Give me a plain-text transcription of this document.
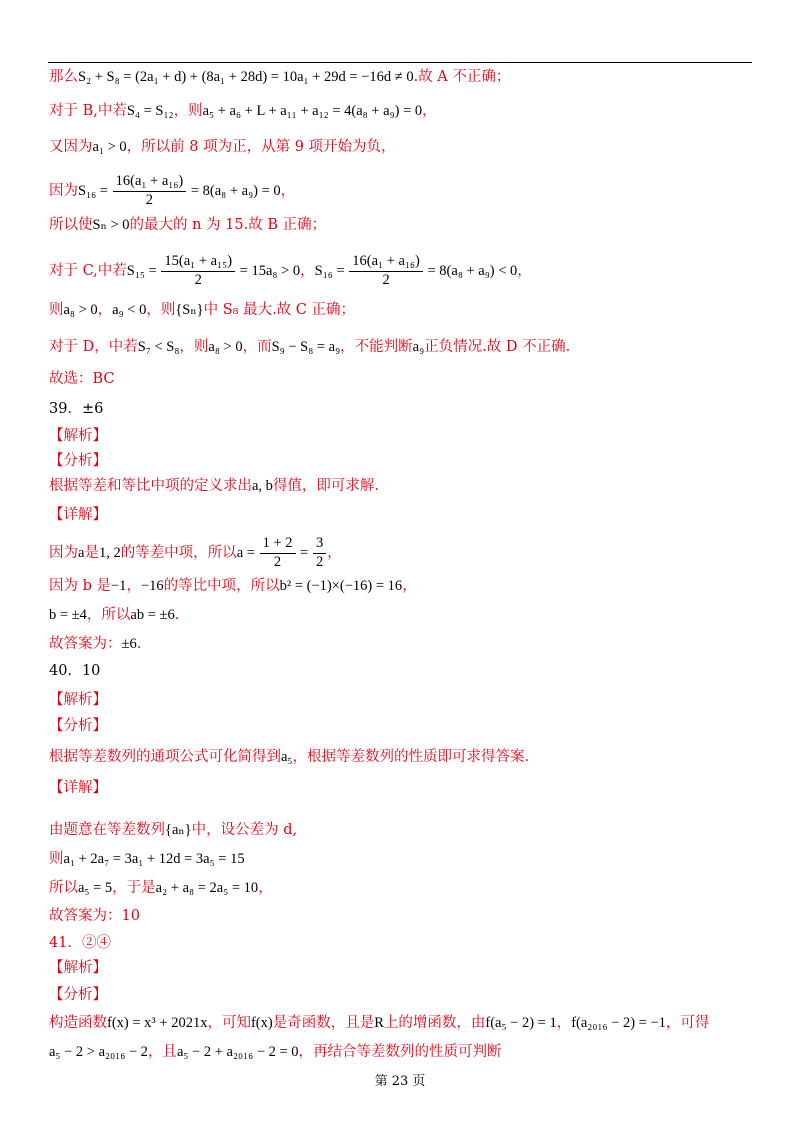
那么S₂ + S₈ = (2a₁ + d) + (8a₁ + 28d) = 10a₁ + 29d = −16d ≠ 0.故 A 不正确；
对于 B,中若S₄ = S₁₂，则a₅ + a₆ + L + a₁₁ + a₁₂ = 4(a₈ + a₉) = 0，
又因为a₁ > 0，所以前 8 项为正，从第 9 项开始为负，
因为$S_{16} = \frac{\text{16(a₁ + a₁₆)}}{2} = 8(a_8 + a_9) = 0$，
所以使Sₙ > 0的最大的 n 为 15.故 B 正确；
对于 C,中若$S_{15} = \frac{\text{15(a₁ + a₁₅)}}{2} = 15a_8 > 0$，$S_{16} = \frac{\text{16(a₁ + a₁₆)}}{2} = 8(a_8 + a_9) < 0$，
则a₈ > 0，a₉ < 0，则{Sₙ}中 S₈ 最大.故 C 正确；
对于 D，中若S₇ < S₈，则a₈ > 0，而S₉ − S₈ = a₉，不能判断a₉正负情况.故 D 不正确.
故选：BC
39．±6
【解析】
【分析】
根据等差和等比中项的定义求出a, b得值，即可求解.
【详解】
因为a是1, 2的等差中项，所以$a = \frac{1 + 2}{2} = \frac{3}{2}$ ，
因为 b 是−1，−16的等比中项，所以b² = (−1)×(−16) = 16，
b = ±4，所以ab = ±6.
故答案为：±6.
40．10
【解析】
【分析】
根据等差数列的通项公式可化简得到a₅，根据等差数列的性质即可求得答案.
【详解】
由题意在等差数列{aₙ}中，设公差为 d,
则a₁ + 2a₇ = 3a₁ + 12d = 3a₅ = 15
所以a₅ = 5，于是a₂ + a₈ = 2a₅ = 10，
故答案为：10
41．②④
【解析】
【分析】
构造函数f(x) = x³ + 2021x，可知f(x)是奇函数，且是R上的增函数，由f(a₅ − 2) = 1，f(a₂₀₁₆ − 2) = −1，可得
a₅ − 2 > a₂₀₁₆ − 2，且a₅ − 2 + a₂₀₁₆ − 2 = 0，再结合等差数列的性质可判断
第 23 页
